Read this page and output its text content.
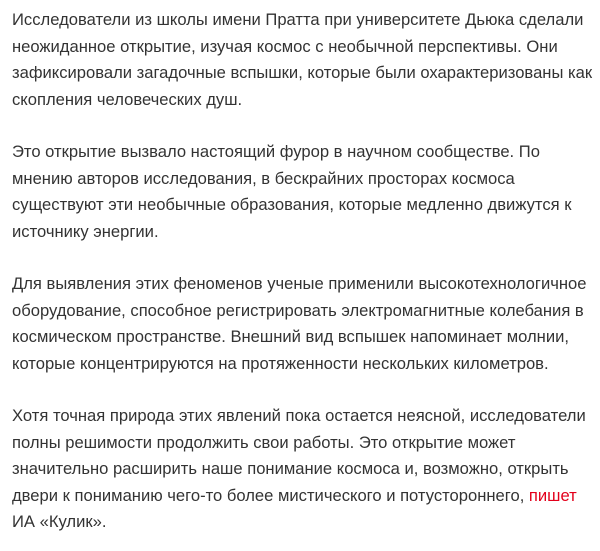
Исследователи из школы имени Пратта при университете Дьюка сделали неожиданное открытие, изучая космос с необычной перспективы. Они зафиксировали загадочные вспышки, которые были охарактеризованы как скопления человеческих душ.

Это открытие вызвало настоящий фурор в научном сообществе. По мнению авторов исследования, в бескрайних просторах космоса существуют эти необычные образования, которые медленно движутся к источнику энергии.

Для выявления этих феноменов ученые применили высокотехнологичное оборудование, способное регистрировать электромагнитные колебания в космическом пространстве. Внешний вид вспышек напоминает молнии, которые концентрируются на протяженности нескольких километров.

Хотя точная природа этих явлений пока остается неясной, исследователи полны решимости продолжить свои работы. Это открытие может значительно расширить наше понимание космоса и, возможно, открыть двери к пониманию чего-то более мистического и потустороннего, пишет ИА «Кулик».
